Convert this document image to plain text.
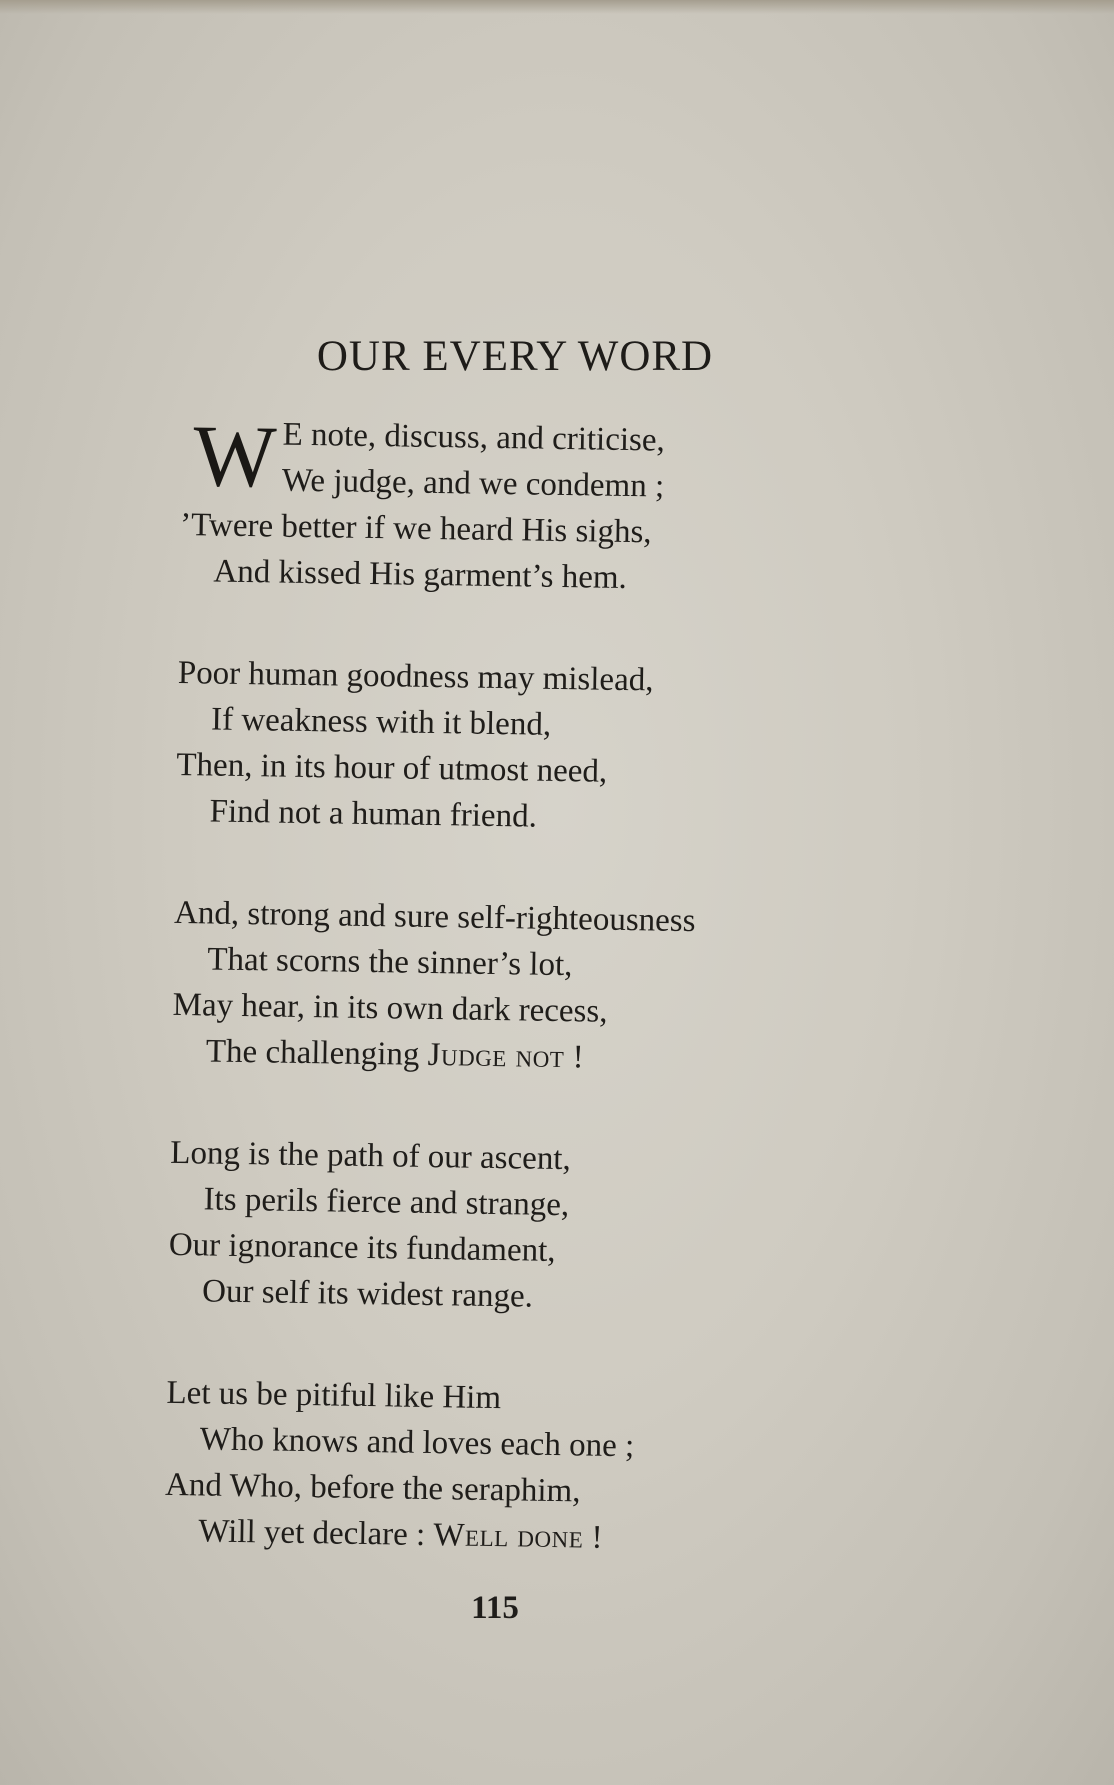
OUR EVERY WORD
W E note, discuss, and criticise,
We judge, and we condemn ;
’Twere better if we heard His sighs,
And kissed His garment’s hem.
Poor human goodness may mislead,
If weakness with it blend,
Then, in its hour of utmost need,
Find not a human friend.
And, strong and sure self-righteousness
That scorns the sinner’s lot,
May hear, in its own dark recess,
The challenging Judge not !
Long is the path of our ascent,
Its perils fierce and strange,
Our ignorance its fundament,
Our self its widest range.
Let us be pitiful like Him
Who knows and loves each one ;
And Who, before the seraphim,
Will yet declare : Well done !
115
